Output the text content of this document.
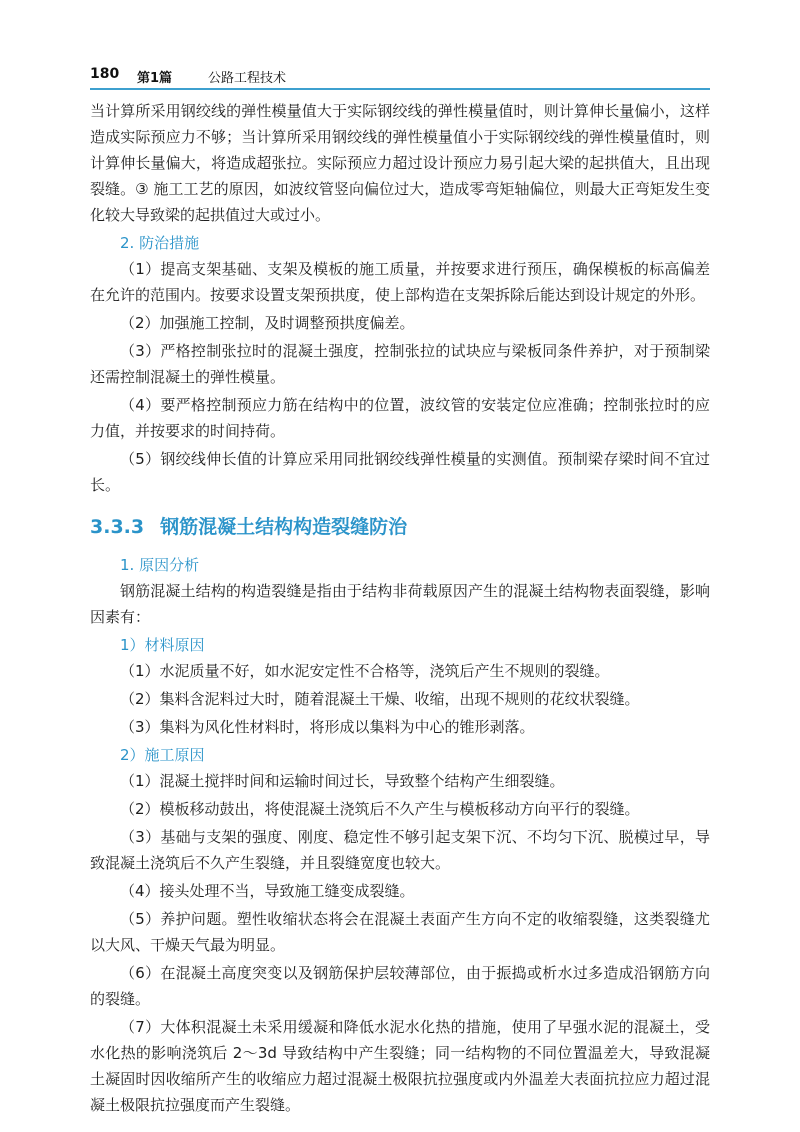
180 第1篇	公路工程技术

当计算所采用钢绞线的弹性模量值大于实际钢绞线的弹性模量值时，则计算伸长量偏小，这样造成实际预应力不够；当计算所采用钢绞线的弹性模量值小于实际钢绞线的弹性模量值时，则计算伸长量偏大，将造成超张拉。实际预应力超过设计预应力易引起大梁的起拱值大，且出现裂缝。③ 施工工艺的原因，如波纹管竖向偏位过大，造成零弯矩轴偏位，则最大正弯矩发生变化较大导致梁的起拱值过大或过小。

2. 防治措施

（1）提高支架基础、支架及模板的施工质量，并按要求进行预压，确保模板的标高偏差在允许的范围内。按要求设置支架预拱度，使上部构造在支架拆除后能达到设计规定的外形。

（2）加强施工控制，及时调整预拱度偏差。

（3）严格控制张拉时的混凝土强度，控制张拉的试块应与梁板同条件养护，对于预制梁还需控制混凝土的弹性模量。

（4）要严格控制预应力筋在结构中的位置，波纹管的安装定位应准确；控制张拉时的应力值，并按要求的时间持荷。

（5）钢绞线伸长值的计算应采用同批钢绞线弹性模量的实测值。预制梁存梁时间不宜过长。

3.3.3 钢筋混凝土结构构造裂缝防治
1. 原因分析

钢筋混凝土结构的构造裂缝是指由于结构非荷载原因产生的混凝土结构物表面裂缝，影响因素有：

1）材料原因

（1）水泥质量不好，如水泥安定性不合格等，浇筑后产生不规则的裂缝。

（2）集料含泥料过大时，随着混凝土干燥、收缩，出现不规则的花纹状裂缝。

（3）集料为风化性材料时，将形成以集料为中心的锥形剥落。

2）施工原因

（1）混凝土搅拌时间和运输时间过长，导致整个结构产生细裂缝。

（2）模板移动鼓出，将使混凝土浇筑后不久产生与模板移动方向平行的裂缝。

（3）基础与支架的强度、刚度、稳定性不够引起支架下沉、不均匀下沉、脱模过早，导致混凝土浇筑后不久产生裂缝，并且裂缝宽度也较大。

（4）接头处理不当，导致施工缝变成裂缝。

（5）养护问题。塑性收缩状态将会在混凝土表面产生方向不定的收缩裂缝，这类裂缝尤以大风、干燥天气最为明显。

（6）在混凝土高度突变以及钢筋保护层较薄部位，由于振捣或析水过多造成沿钢筋方向的裂缝。

（7）大体积混凝土未采用缓凝和降低水泥水化热的措施，使用了早强水泥的混凝土，受水化热的影响浇筑后 2～3d 导致结构中产生裂缝；同一结构物的不同位置温差大，导致混凝土凝固时因收缩所产生的收缩应力超过混凝土极限抗拉强度或内外温差大表面抗拉应力超过混凝土极限抗拉强度而产生裂缝。
